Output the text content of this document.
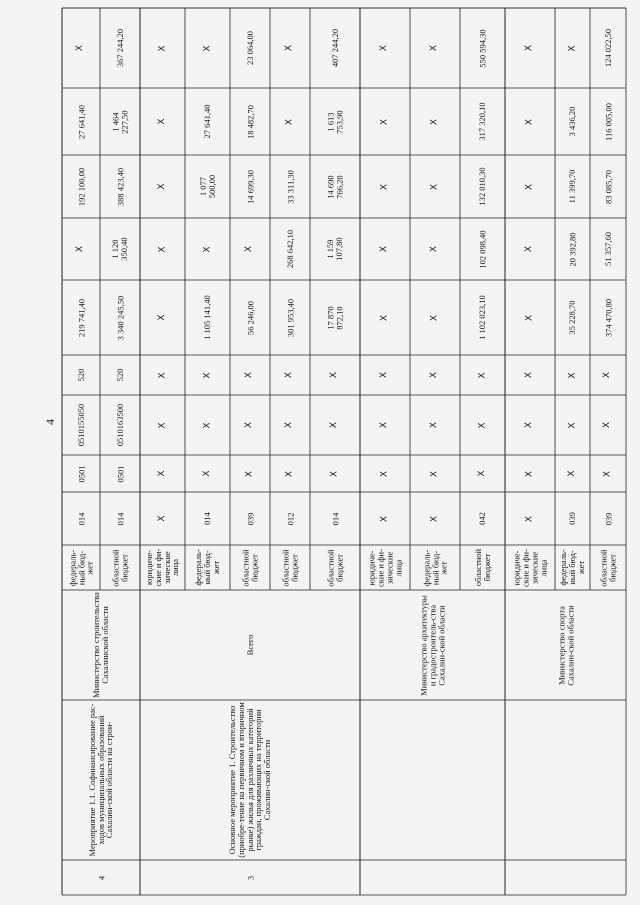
Министерство спорта Сахалин-ской области
областной бюджет
039
X
X
X
374 470,80
51 357,60
83 085,70
116 005,00
124 022,50
федераль-ный бюд-жет
039
X
X
X
35 228,70
20 392,80
11 399,70
3 436,20
X
юридиче-ские и фи-зические лица
X
X
X
X
X
X
X
X
X
Министерство архитектуры и градостроитель-ства Сахалин-ской области
областной бюджет
042
X
X
X
1 102 023,10
102 098,40
132 010,30
317 320,10
550 594,30
федераль-ный бюд-жет
X
X
X
X
X
X
X
X
X
юридиче-ские и фи-зические лица
X
X
X
X
X
X
X
X
X
3
Основное мероприятие 1. Строительство (приобре-тение на первичном и вторичном рынке) жилья для различных категорий граждан, проживающих на территории Сахалин-ской области
Всего
областной бюджет
014
X
X
X
17 870
872,10
1 159
107,80
14 690
766,20
1 613
753,90
407 244,20
областной бюджет
012
X
X
X
301 953,40
268 642,10
33 311,30
X
X
областной бюджет
039
X
X
X
56 246,00
X
14 699,30
18 482,70
23 064,00
федераль-ный бюд-жет
014
X
X
X
1 105 141,40
X
1 077
500,00
27 641,40
X
юридиче-ские и фи-зические лица
X
X
X
X
X
X
X
X
X
4
Мероприятие 1.1. Софинансирование рас-ходов муниципальных образований Сахалин-ской области на строи-
Министерство строительства Сахалинской области
областной бюджет
014
0501
0510163500
520
3 340 245,50
1 120
350,40
388 423,40
1 464
227,50
367 244,20
федераль-ный бюд-жет
014
0501
0510155050
520
219 741,40
X
192 100,00
27 641,40
X
4
